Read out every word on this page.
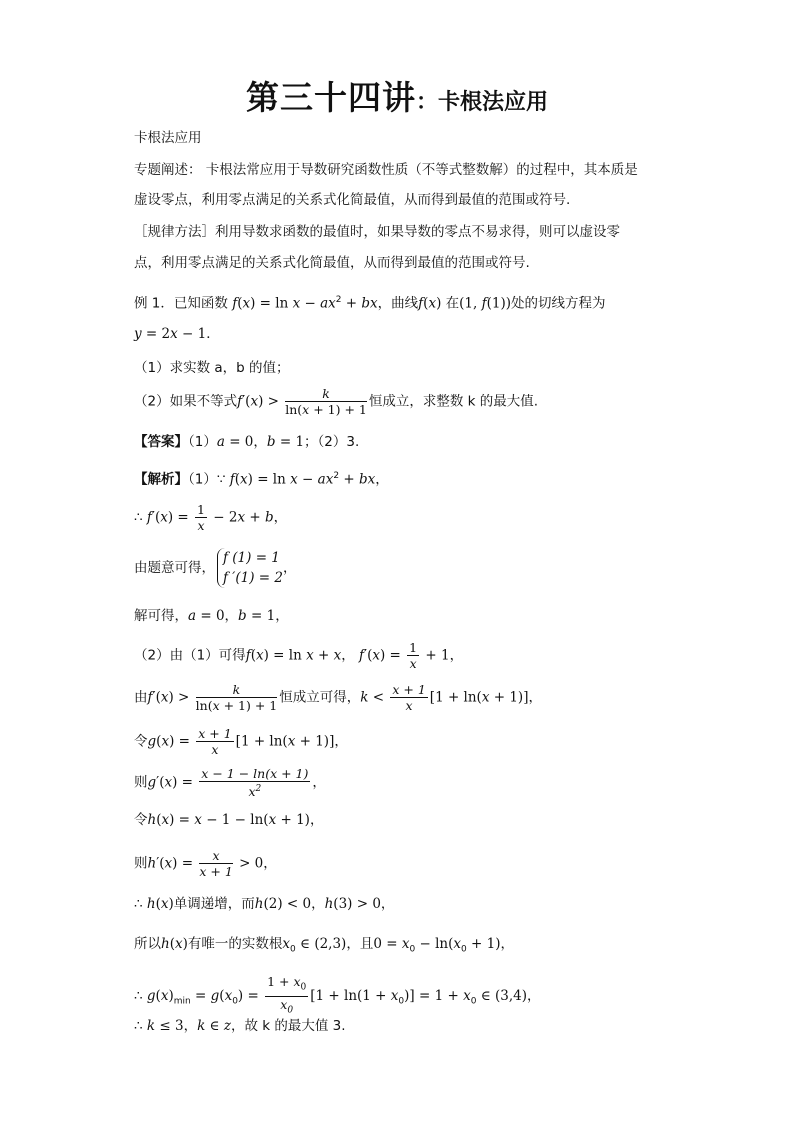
第三十四讲：卡根法应用
卡根法应用
专题阐述： 卡根法常应用于导数研究函数性质（不等式整数解）的过程中，其本质是
虚设零点，利用零点满足的关系式化简最值，从而得到最值的范围或符号.
［规律方法］利用导数求函数的最值时，如果导数的零点不易求得，则可以虚设零
点，利用零点满足的关系式化简最值，从而得到最值的范围或符号.
例 1．已知函数 $f(x) = \ln x - ax^2$ + bx，曲线f(x) 在(1, f(1))处的切线方程为
y = 2x − 1．
（1）求实数 a，b 的值；
（2）如果不等式$f'(x) > \frac{k}{\ln(x + 1) + 1}$ 恒成立，求整数 k 的最大值.
【答案】（1）a = 0，b = 1；（2）3.
【解析】（1）∵ $f(x) = \ln x - ax^2$ + bx，
∴ $f'(x) = \frac{1}{x} - 2x + b$，
由题意可得，
f (1) = 1
f ′(1) = 2
，
解可得，a = 0，b = 1，
（2）由（1）可得f(x) = ln x + x， $f'(x) = \frac{1}{x} + 1$，
由$f'(x) > \frac{k}{\ln(x + 1) + 1}$ 恒成立可得，$k < \frac{x + 1}{x} [1 + \ln(x + 1)]$，
令$g(x) = \frac{x + 1}{x} [1 + \ln(x + 1)]$，
则$g'(x) = \frac{x - 1 - \ln(x + 1)}{x^2}$ ，
令h(x) = x − 1 − ln(x + 1)，
则$h'(x) = \frac{x}{x + 1} > 0$，
∴ h(x)单调递增，而h(2) < 0，h(3) > 0，
所以h(x)有唯一的实数根$x_0$ ∈ (2,3)，且$0 = x_0 - \ln(x_0 + 1)$，
∴ $g(x)_{min} = g(x_0) = \frac{1 + x_0}{x_0} [1 + \ln(1 + x_0)] = 1 + x_0$ ∈ (3,4)，
∴ k ≤ 3，k ∈ z，故 k 的最大值 3.
